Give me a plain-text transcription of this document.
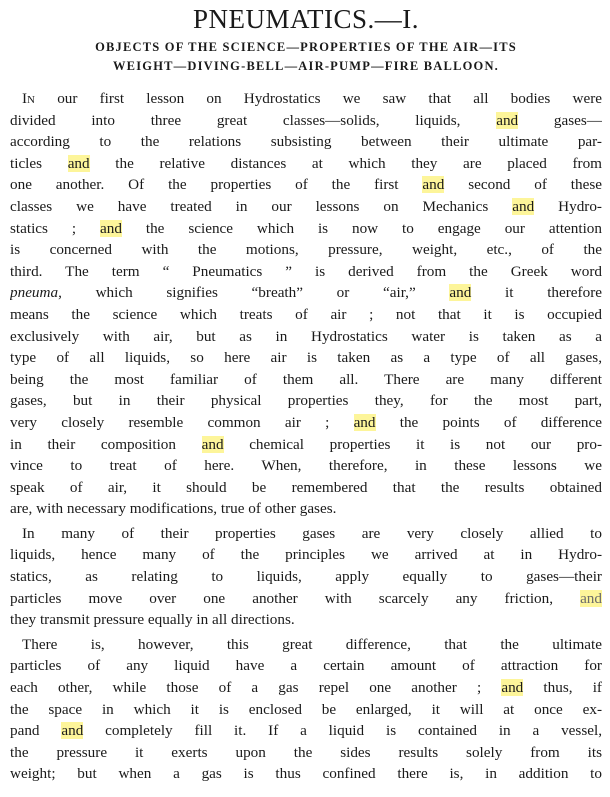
PNEUMATICS.—I.
OBJECTS OF THE SCIENCE—PROPERTIES OF THE AIR—ITS
WEIGHT—DIVING-BELL—AIR-PUMP—FIRE BALLOON.

In our first lesson on Hydrostatics we saw that all bodies were
divided into three great classes—solids, liquids, and gases—
according to the relations subsisting between their ultimate par-
ticles and the relative distances at which they are placed from
one another. Of the properties of the first and second of these
classes we have treated in our lessons on Mechanics and Hydro-
statics ; and the science which is now to engage our attention
is concerned with the motions, pressure, weight, etc., of the
third. The term “ Pneumatics ” is derived from the Greek word
pneuma, which signifies “breath” or “air,” and it therefore
means the science which treats of air ; not that it is occupied
exclusively with air, but as in Hydrostatics water is taken as a
type of all liquids, so here air is taken as a type of all gases,
being the most familiar of them all. There are many different
gases, but in their physical properties they, for the most part,
very closely resemble common air ; and the points of difference
in their composition and chemical properties it is not our pro-
vince to treat of here. When, therefore, in these lessons we
speak of air, it should be remembered that the results obtained
are, with necessary modifications, true of other gases.

In many of their properties gases are very closely allied to
liquids, hence many of the principles we arrived at in Hydro-
statics, as relating to liquids, apply equally to gases—their
particles move over one another with scarcely any friction, and
they transmit pressure equally in all directions.

There is, however, this great difference, that the ultimate
particles of any liquid have a certain amount of attraction for
each other, while those of a gas repel one another ; and thus, if
the space in which it is enclosed be enlarged, it will at once ex-
pand and completely fill it. If a liquid is contained in a vessel,
the pressure it exerts upon the sides results solely from its
weight; but when a gas is thus confined there is, in addition to
